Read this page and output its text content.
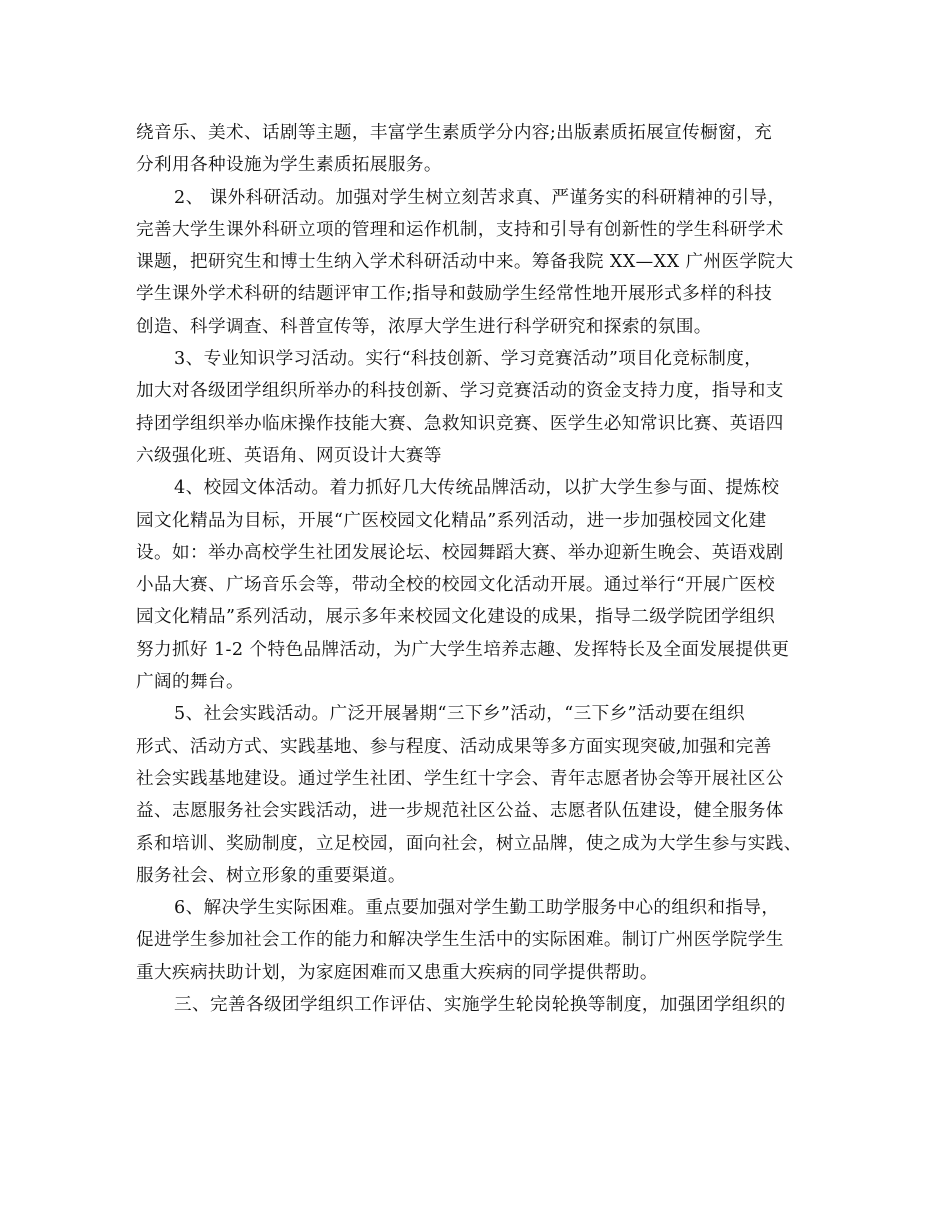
绕音乐、美术、话剧等主题，丰富学生素质学分内容;出版素质拓展宣传橱窗，充
分利用各种设施为学生素质拓展服务。
2、 课外科研活动。加强对学生树立刻苦求真、严谨务实的科研精神的引导，
完善大学生课外科研立项的管理和运作机制，支持和引导有创新性的学生科研学术
课题，把研究生和博士生纳入学术科研活动中来。筹备我院 XX—XX 广州医学院大
学生课外学术科研的结题评审工作;指导和鼓励学生经常性地开展形式多样的科技
创造、科学调查、科普宣传等，浓厚大学生进行科学研究和探索的氛围。
3、专业知识学习活动。实行“科技创新、学习竞赛活动”项目化竞标制度，
加大对各级团学组织所举办的科技创新、学习竞赛活动的资金支持力度，指导和支
持团学组织举办临床操作技能大赛、急救知识竞赛、医学生必知常识比赛、英语四
六级强化班、英语角、网页设计大赛等
4、校园文体活动。着力抓好几大传统品牌活动，以扩大学生参与面、提炼校
园文化精品为目标，开展“广医校园文化精品”系列活动，进一步加强校园文化建
设。如：举办高校学生社团发展论坛、校园舞蹈大赛、举办迎新生晚会、英语戏剧
小品大赛、广场音乐会等，带动全校的校园文化活动开展。通过举行“开展广医校
园文化精品”系列活动，展示多年来校园文化建设的成果，指导二级学院团学组织
努力抓好 1-2 个特色品牌活动，为广大学生培养志趣、发挥特长及全面发展提供更
广阔的舞台。
5、社会实践活动。广泛开展暑期“三下乡”活动，“三下乡”活动要在组织
形式、活动方式、实践基地、参与程度、活动成果等多方面实现突破,加强和完善
社会实践基地建设。通过学生社团、学生红十字会、青年志愿者协会等开展社区公
益、志愿服务社会实践活动，进一步规范社区公益、志愿者队伍建设，健全服务体
系和培训、奖励制度，立足校园，面向社会，树立品牌，使之成为大学生参与实践、
服务社会、树立形象的重要渠道。
6、解决学生实际困难。重点要加强对学生勤工助学服务中心的组织和指导，
促进学生参加社会工作的能力和解决学生生活中的实际困难。制订广州医学院学生
重大疾病扶助计划，为家庭困难而又患重大疾病的同学提供帮助。
三、完善各级团学组织工作评估、实施学生轮岗轮换等制度，加强团学组织的
